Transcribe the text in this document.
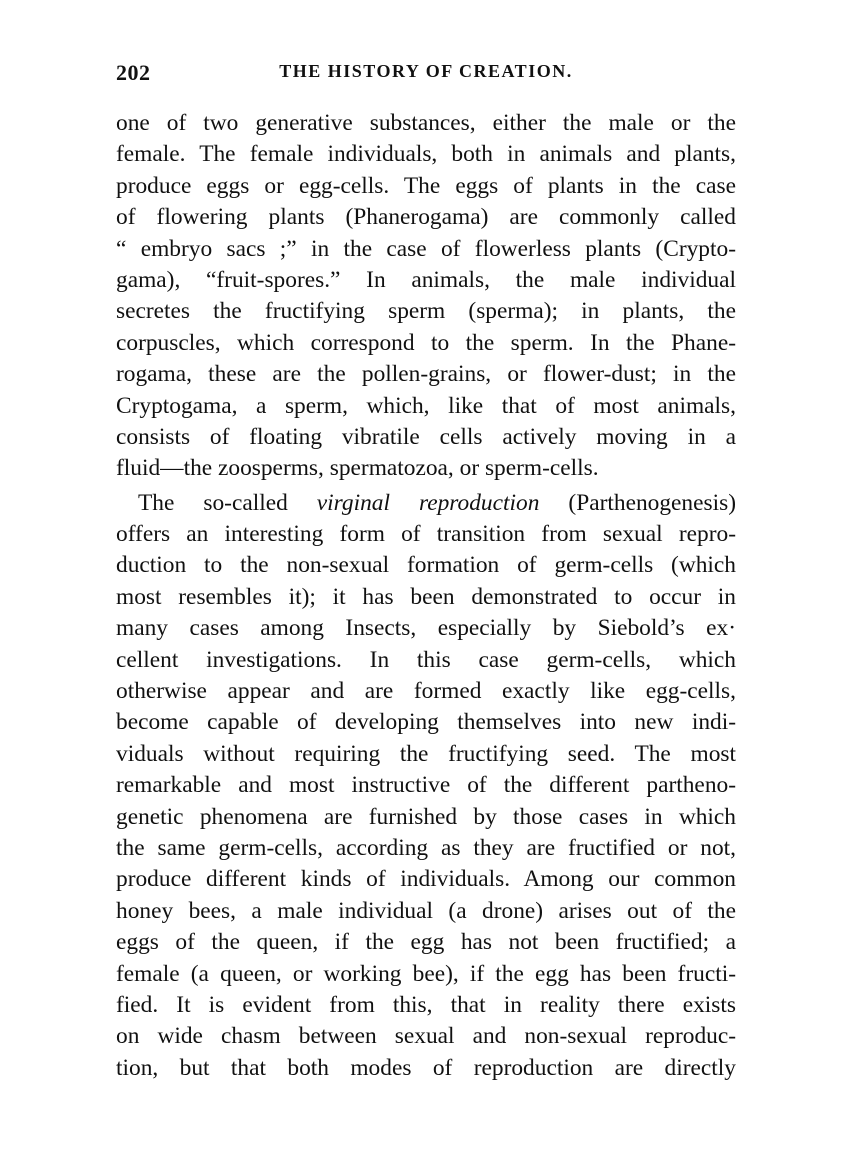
202	THE HISTORY OF CREATION.
one of two generative substances, either the male or the
female. The female individuals, both in animals and plants,
produce eggs or egg-cells. The eggs of plants in the case
of flowering plants (Phanerogama) are commonly called
“ embryo sacs ;” in the case of flowerless plants (Crypto-
gama), “fruit-spores.” In animals, the male individual
secretes the fructifying sperm (sperma); in plants, the
corpuscles, which correspond to the sperm. In the Phane-
rogama, these are the pollen-grains, or flower-dust; in the
Cryptogama, a sperm, which, like that of most animals,
consists of floating vibratile cells actively moving in a
fluid—the zoosperms, spermatozoa, or sperm-cells.
The so-called virginal reproduction (Parthenogenesis)
offers an interesting form of transition from sexual repro-
duction to the non-sexual formation of germ-cells (which
most resembles it); it has been demonstrated to occur in
many cases among Insects, especially by Siebold’s ex·
cellent investigations. In this case germ-cells, which
otherwise appear and are formed exactly like egg-cells,
become capable of developing themselves into new indi-
viduals without requiring the fructifying seed. The most
remarkable and most instructive of the different partheno-
genetic phenomena are furnished by those cases in which
the same germ-cells, according as they are fructified or not,
produce different kinds of individuals. Among our common
honey bees, a male individual (a drone) arises out of the
eggs of the queen, if the egg has not been fructified; a
female (a queen, or working bee), if the egg has been fructi-
fied. It is evident from this, that in reality there exists
on wide chasm between sexual and non-sexual reproduc-
tion, but that both modes of reproduction are directly
